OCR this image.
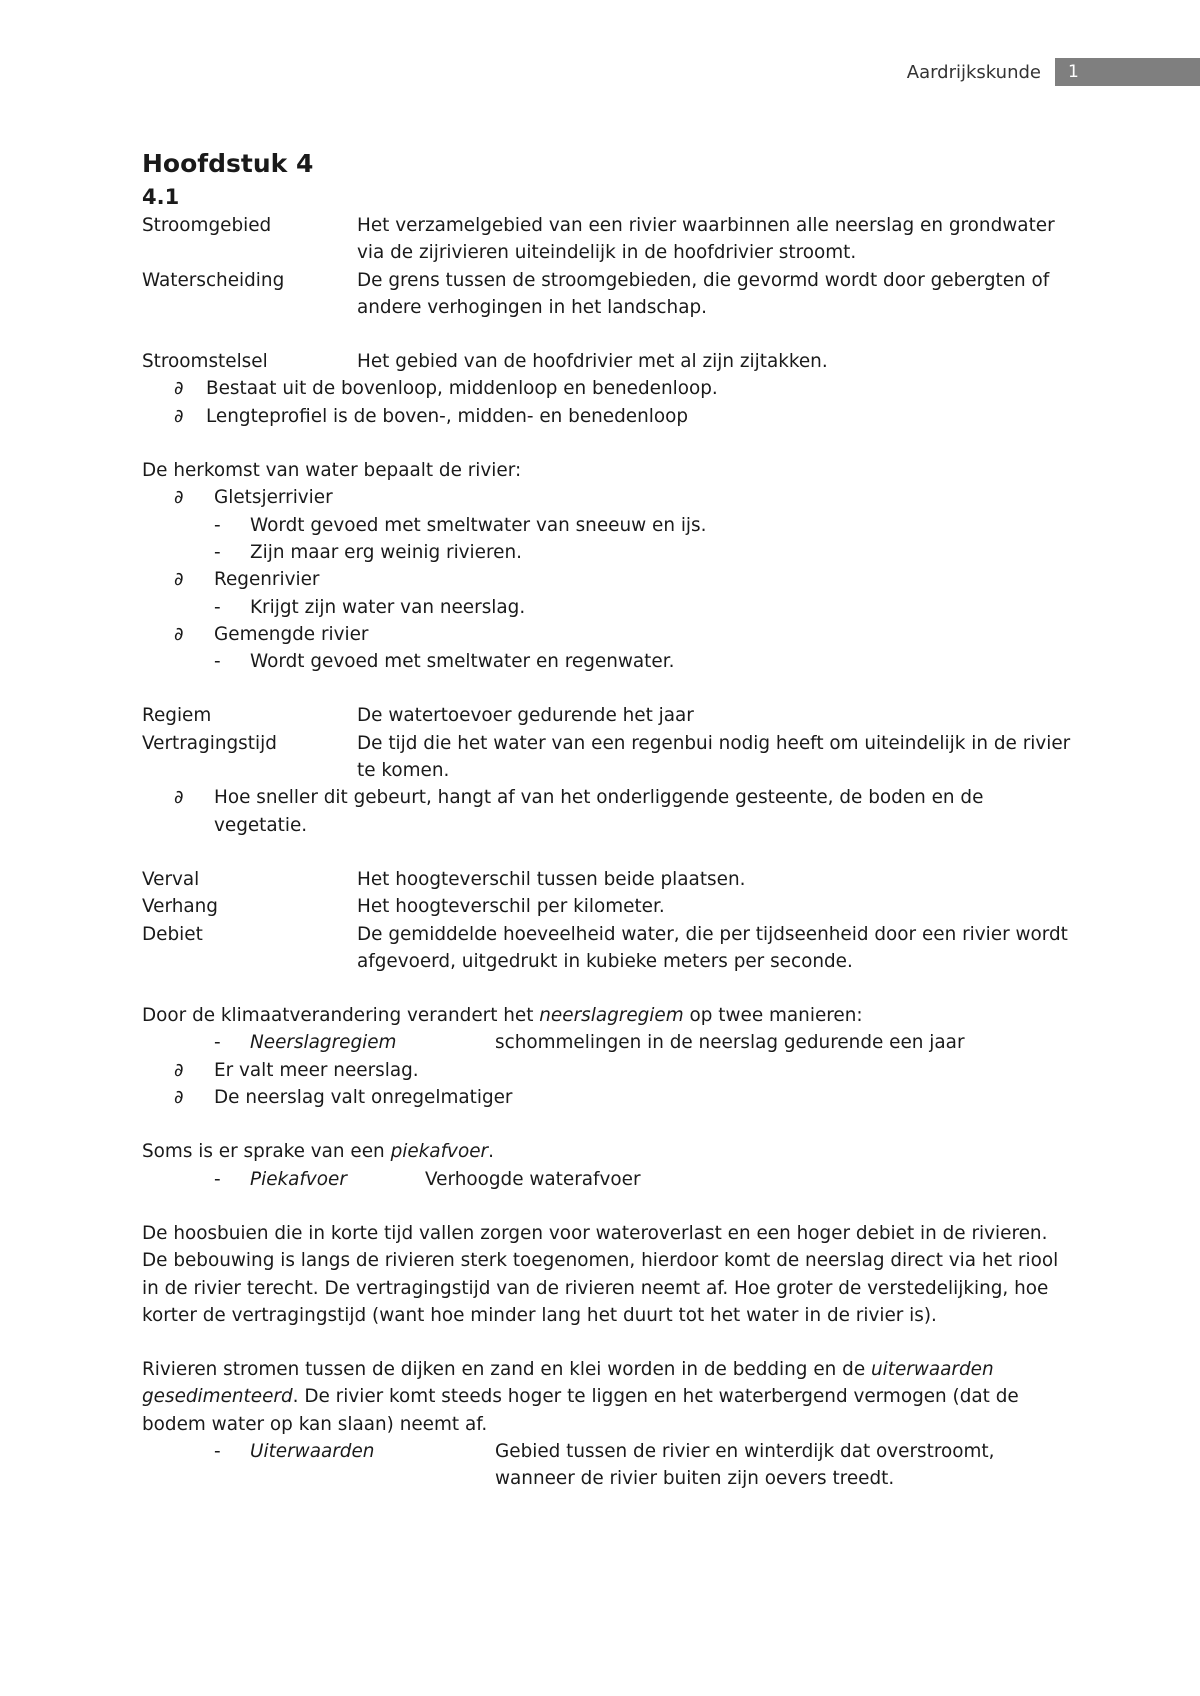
Aardrijkskunde	1
Hoofdstuk 4
4.1
Stroomgebied	Het verzamelgebied van een rivier waarbinnen alle neerslag en grondwater via de zijrivieren uiteindelijk in de hoofdrivier stroomt.
Waterscheiding	De grens tussen de stroomgebieden, die gevormd wordt door gebergten of andere verhogingen in het landschap.
Stroomstelsel	Het gebied van de hoofdrivier met al zijn zijtakken.
∂	Bestaat uit de bovenloop, middenloop en benedenloop.
∂	Lengteprofiel is de boven-, midden- en benedenloop
De herkomst van water bepaalt de rivier:
∂	Gletsjerrivier
-	Wordt gevoed met smeltwater van sneeuw en ijs.
-	Zijn maar erg weinig rivieren.
∂	Regenrivier
-	Krijgt zijn water van neerslag.
∂	Gemengde rivier
-	Wordt gevoed met smeltwater en regenwater.
Regiem	De watertoevoer gedurende het jaar
Vertragingstijd	De tijd die het water van een regenbui nodig heeft om uiteindelijk in de rivier te komen.
∂	Hoe sneller dit gebeurt, hangt af van het onderliggende gesteente, de boden en de vegetatie.
Verval	Het hoogteverschil tussen beide plaatsen.
Verhang	Het hoogteverschil per kilometer.
Debiet	De gemiddelde hoeveelheid water, die per tijdseenheid door een rivier wordt afgevoerd, uitgedrukt in kubieke meters per seconde.
Door de klimaatverandering verandert het neerslagregiem op twee manieren:
-	Neerslagregiem	schommelingen in de neerslag gedurende een jaar
∂	Er valt meer neerslag.
∂	De neerslag valt onregelmatiger
Soms is er sprake van een piekafvoer.
-	Piekafvoer	Verhoogde waterafvoer
De hoosbuien die in korte tijd vallen zorgen voor wateroverlast en een hoger debiet in de rivieren. De bebouwing is langs de rivieren sterk toegenomen, hierdoor komt de neerslag direct via het riool in de rivier terecht. De vertragingstijd van de rivieren neemt af. Hoe groter de verstedelijking, hoe korter de vertragingstijd (want hoe minder lang het duurt tot het water in de rivier is).
Rivieren stromen tussen de dijken en zand en klei worden in de bedding en de uiterwaarden gesedimenteerd. De rivier komt steeds hoger te liggen en het waterbergend vermogen (dat de bodem water op kan slaan) neemt af.
-	Uiterwaarden	Gebied tussen de rivier en winterdijk dat overstroomt, wanneer de rivier buiten zijn oevers treedt.
